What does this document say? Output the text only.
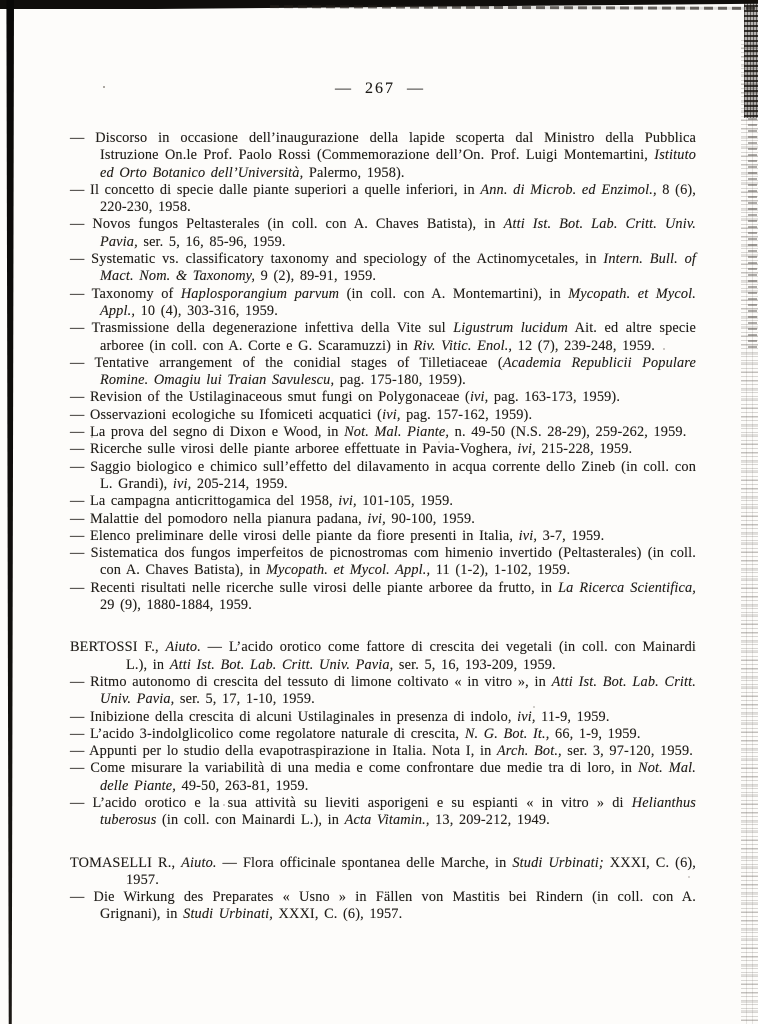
— 267 —

— Discorso in occasione dell’inaugurazione della lapide scoperta dal Ministro della Pubblica Istruzione On.le Prof. Paolo Rossi (Commemorazione dell’On. Prof. Luigi Montemartini, Istituto ed Orto Botanico dell’Università, Palermo, 1958).

— Il concetto di specie dalle piante superiori a quelle inferiori, in Ann. di Microb. ed Enzimol., 8 (6), 220-230, 1958.

— Novos fungos Peltasterales (in coll. con A. Chaves Batista), in Atti Ist. Bot. Lab. Critt. Univ. Pavia, ser. 5, 16, 85-96, 1959.

— Systematic vs. classificatory taxonomy and speciology of the Actinomycetales, in Intern. Bull. of Mact. Nom. & Taxonomy, 9 (2), 89-91, 1959.

— Taxonomy of Haplosporangium parvum (in coll. con A. Montemartini), in Mycopath. et Mycol. Appl., 10 (4), 303-316, 1959.

— Trasmissione della degenerazione infettiva della Vite sul Ligustrum lucidum Ait. ed altre specie arboree (in coll. con A. Corte e G. Scaramuzzi) in Riv. Vitic. Enol., 12 (7), 239-248, 1959.

— Tentative arrangement of the conidial stages of Tilletiaceae (Academia Republicii Populare Romine. Omagiu lui Traian Savulescu, pag. 175-180, 1959).

— Revision of the Ustilaginaceous smut fungi on Polygonaceae (ivi, pag. 163-173, 1959).

— Osservazioni ecologiche su Ifomiceti acquatici (ivi, pag. 157-162, 1959).

— La prova del segno di Dixon e Wood, in Not. Mal. Piante, n. 49-50 (N.S. 28-29), 259-262, 1959.

— Ricerche sulle virosi delle piante arboree effettuate in Pavia-Voghera, ivi, 215-228, 1959.

— Saggio biologico e chimico sull’effetto del dilavamento in acqua corrente dello Zineb (in coll. con L. Grandi), ivi, 205-214, 1959.

— La campagna anticrittogamica del 1958, ivi, 101-105, 1959.

— Malattie del pomodoro nella pianura padana, ivi, 90-100, 1959.

— Elenco preliminare delle virosi delle piante da fiore presenti in Italia, ivi, 3-7, 1959.

— Sistematica dos fungos imperfeitos de picnostromas com himenio invertido (Peltasterales) (in coll. con A. Chaves Batista), in Mycopath. et Mycol. Appl., 11 (1-2), 1-102, 1959.

— Recenti risultati nelle ricerche sulle virosi delle piante arboree da frutto, in La Ricerca Scientifica, 29 (9), 1880-1884, 1959.

BERTOSSI F., Aiuto. — L’acido orotico come fattore di crescita dei vegetali (in coll. con Mainardi L.), in Atti Ist. Bot. Lab. Critt. Univ. Pavia, ser. 5, 16, 193-209, 1959.

— Ritmo autonomo di crescita del tessuto di limone coltivato « in vitro », in Atti Ist. Bot. Lab. Critt. Univ. Pavia, ser. 5, 17, 1-10, 1959.

— Inibizione della crescita di alcuni Ustilaginales in presenza di indolo, ivi, 11-9, 1959.

— L’acido 3-indolglicolico come regolatore naturale di crescita, N. G. Bot. It., 66, 1-9, 1959.

— Appunti per lo studio della evapotraspirazione in Italia. Nota I, in Arch. Bot., ser. 3, 97-120, 1959.

— Come misurare la variabilità di una media e come confrontare due medie tra di loro, in Not. Mal. delle Piante, 49-50, 263-81, 1959.

— L’acido orotico e la sua attività su lieviti asporigeni e su espianti « in vitro » di Helianthus tuberosus (in coll. con Mainardi L.), in Acta Vitamin., 13, 209-212, 1949.

TOMASELLI R., Aiuto. — Flora officinale spontanea delle Marche, in Studi Urbinati; XXXI, C. (6), 1957.

— Die Wirkung des Preparates « Usno » in Fällen von Mastitis bei Rindern (in coll. con A. Grignani), in Studi Urbinati, XXXI, C. (6), 1957.
